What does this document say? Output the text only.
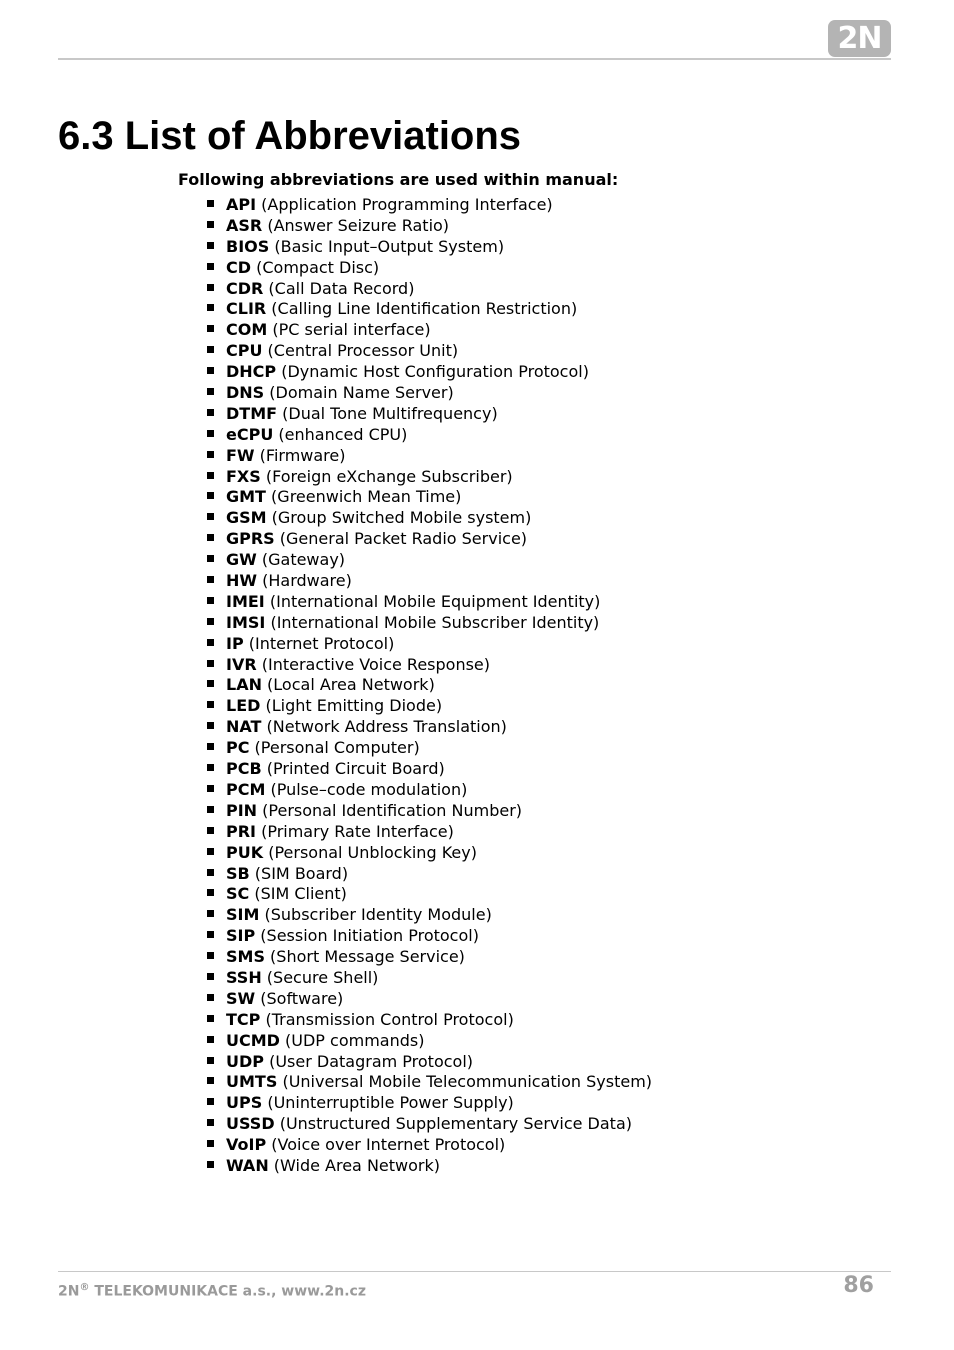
2N
6.3 List of Abbreviations
Following abbreviations are used within manual:
API (Application Programming Interface)
ASR (Answer Seizure Ratio)
BIOS (Basic Input–Output System)
CD (Compact Disc)
CDR (Call Data Record)
CLIR (Calling Line Identification Restriction)
COM (PC serial interface)
CPU (Central Processor Unit)
DHCP (Dynamic Host Configuration Protocol)
DNS (Domain Name Server)
DTMF (Dual Tone Multifrequency)
eCPU (enhanced CPU)
FW (Firmware)
FXS (Foreign eXchange Subscriber)
GMT (Greenwich Mean Time)
GSM (Group Switched Mobile system)
GPRS (General Packet Radio Service)
GW (Gateway)
HW (Hardware)
IMEI (International Mobile Equipment Identity)
IMSI (International Mobile Subscriber Identity)
IP (Internet Protocol)
IVR (Interactive Voice Response)
LAN (Local Area Network)
LED (Light Emitting Diode)
NAT (Network Address Translation)
PC (Personal Computer)
PCB (Printed Circuit Board)
PCM (Pulse–code modulation)
PIN (Personal Identification Number)
PRI (Primary Rate Interface)
PUK (Personal Unblocking Key)
SB (SIM Board)
SC (SIM Client)
SIM (Subscriber Identity Module)
SIP (Session Initiation Protocol)
SMS (Short Message Service)
SSH (Secure Shell)
SW (Software)
TCP (Transmission Control Protocol)
UCMD (UDP commands)
UDP (User Datagram Protocol)
UMTS (Universal Mobile Telecommunication System)
UPS (Uninterruptible Power Supply)
USSD (Unstructured Supplementary Service Data)
VoIP (Voice over Internet Protocol)
WAN (Wide Area Network)
2N® TELEKOMUNIKACE a.s., www.2n.cz	86
